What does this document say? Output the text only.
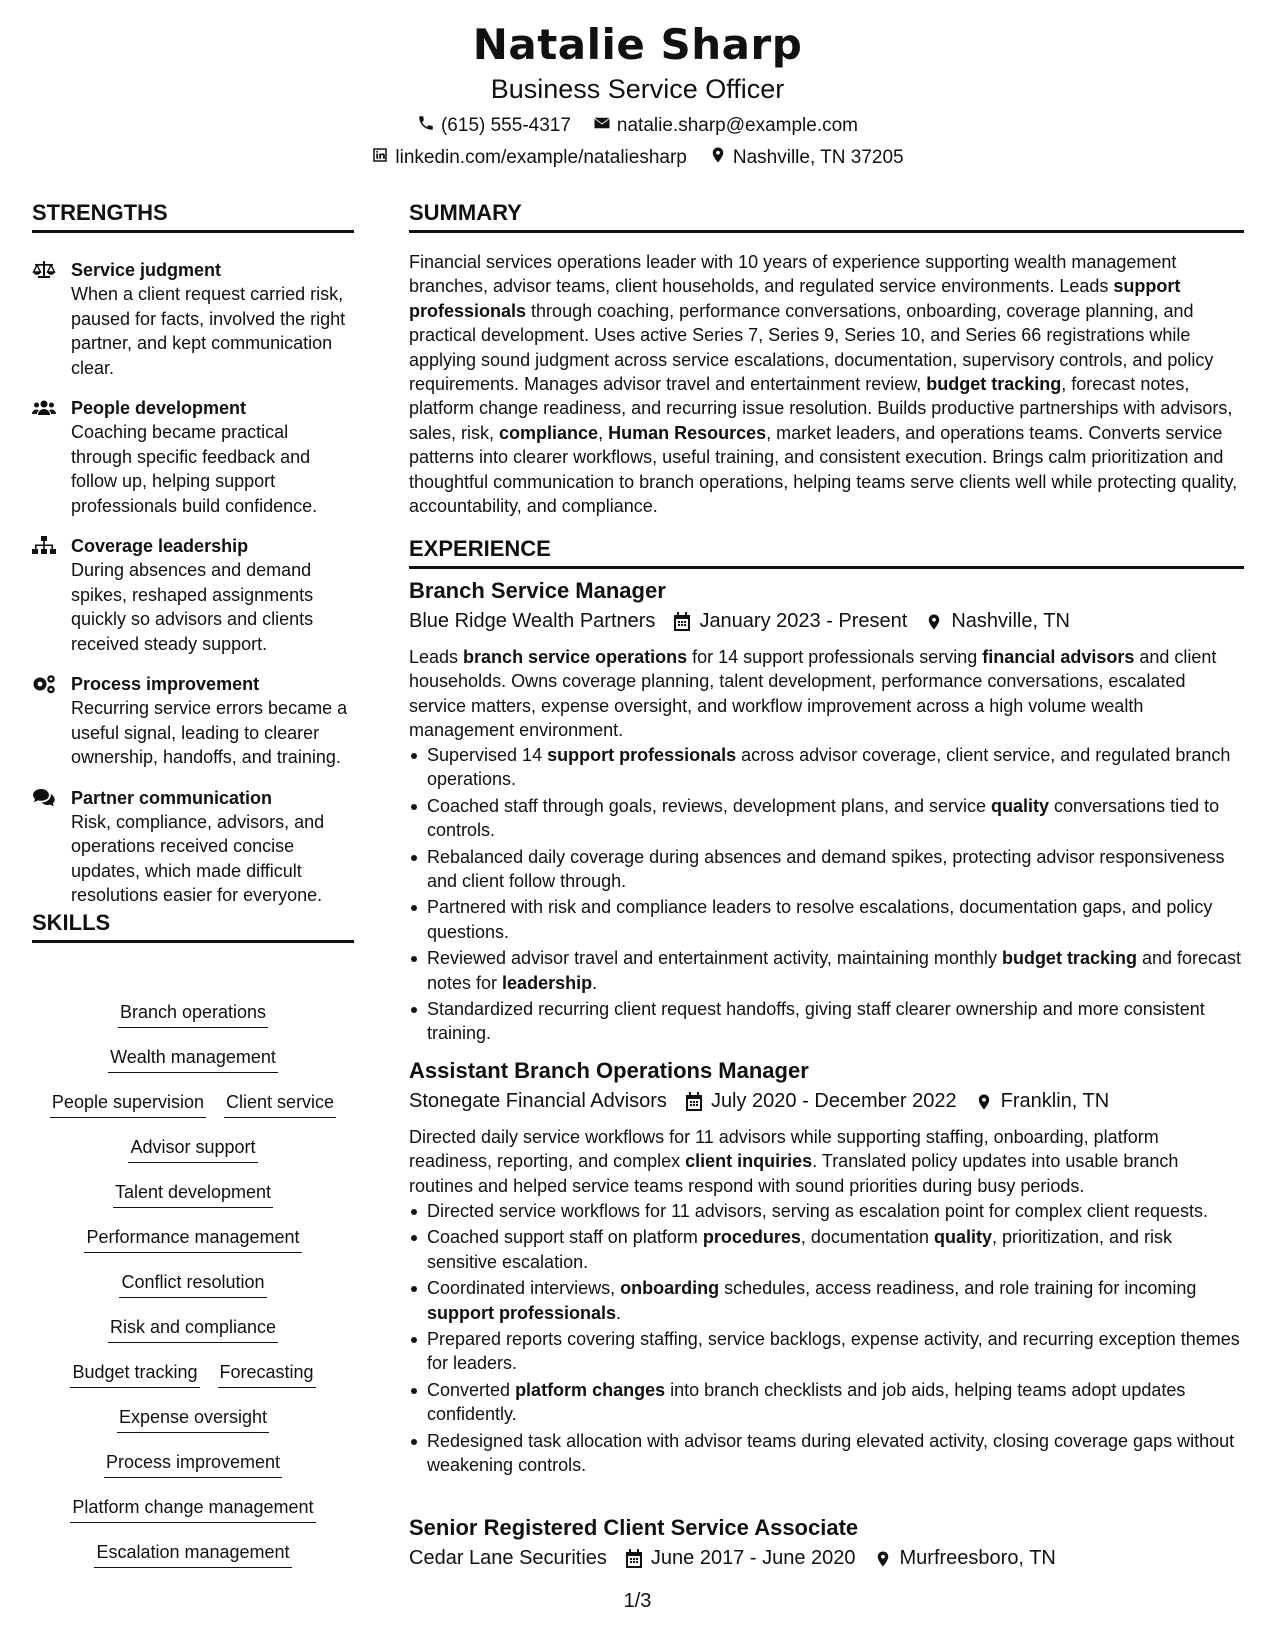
Natalie Sharp
Business Service Officer
(615) 555-4317 natalie.sharp@example.com
linkedin.com/example/nataliesharp Nashville, TN 37205
STRENGTHS
SKILLS
Service judgment
When a client request carried risk, paused for facts, involved the right partner, and kept communication clear.
People development
Coaching became practical through specific feedback and follow up, helping support professionals build confidence.
Coverage leadership
During absences and demand spikes, reshaped assignments quickly so advisors and clients received steady support.
Process improvement
Recurring service errors became a useful signal, leading to clearer ownership, handoffs, and training.
Partner communication
Risk, compliance, advisors, and operations received concise updates, which made difficult resolutions easier for everyone.
Branch operations
Wealth management
People supervision Client service
Advisor support
Talent development
Performance management
Conflict resolution
Risk and compliance
Budget tracking Forecasting
Expense oversight
Process improvement
Platform change management
Escalation management
SUMMARY
Financial services operations leader with 10 years of experience supporting wealth management branches, advisor teams, client households, and regulated service environments. Leads support professionals through coaching, performance conversations, onboarding, coverage planning, and practical development. Uses active Series 7, Series 9, Series 10, and Series 66 registrations while applying sound judgment across service escalations, documentation, supervisory controls, and policy requirements. Manages advisor travel and entertainment review, budget tracking, forecast notes, platform change readiness, and recurring issue resolution. Builds productive partnerships with advisors, sales, risk, compliance, Human Resources, market leaders, and operations teams. Converts service patterns into clearer workflows, useful training, and consistent execution. Brings calm prioritization and thoughtful communication to branch operations, helping teams serve clients well while protecting quality, accountability, and compliance.
EXPERIENCE
Branch Service Manager
Blue Ridge Wealth Partners January 2023 - Present Nashville, TN
Leads branch service operations for 14 support professionals serving financial advisors and client households. Owns coverage planning, talent development, performance conversations, escalated service matters, expense oversight, and workflow improvement across a high volume wealth management environment.
Supervised 14 support professionals across advisor coverage, client service, and regulated branch operations.
Coached staff through goals, reviews, development plans, and service quality conversations tied to controls.
Rebalanced daily coverage during absences and demand spikes, protecting advisor responsiveness and client follow through.
Partnered with risk and compliance leaders to resolve escalations, documentation gaps, and policy questions.
Reviewed advisor travel and entertainment activity, maintaining monthly budget tracking and forecast notes for leadership.
Standardized recurring client request handoffs, giving staff clearer ownership and more consistent training.
Assistant Branch Operations Manager
Stonegate Financial Advisors July 2020 - December 2022 Franklin, TN
Directed daily service workflows for 11 advisors while supporting staffing, onboarding, platform readiness, reporting, and complex client inquiries. Translated policy updates into usable branch routines and helped service teams respond with sound priorities during busy periods.
Directed service workflows for 11 advisors, serving as escalation point for complex client requests.
Coached support staff on platform procedures, documentation quality, prioritization, and risk sensitive escalation.
Coordinated interviews, onboarding schedules, access readiness, and role training for incoming support professionals.
Prepared reports covering staffing, service backlogs, expense activity, and recurring exception themes for leaders.
Converted platform changes into branch checklists and job aids, helping teams adopt updates confidently.
Redesigned task allocation with advisor teams during elevated activity, closing coverage gaps without weakening controls.
Senior Registered Client Service Associate
Cedar Lane Securities June 2017 - June 2020 Murfreesboro, TN
1/3
